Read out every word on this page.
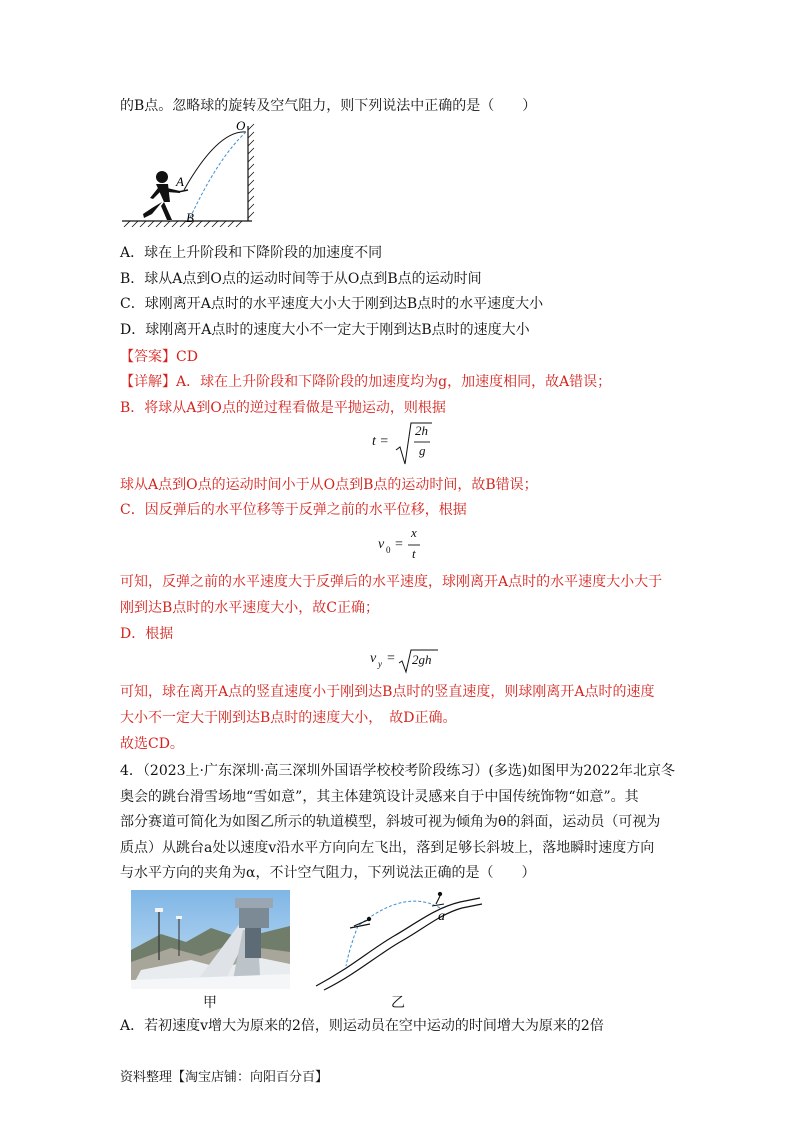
的B点。忽略球的旋转及空气阻力，则下列说法中正确的是（　　）
O
A
B
A．球在上升阶段和下降阶段的加速度不同
B．球从A点到O点的运动时间等于从O点到B点的运动时间
C．球刚离开A点时的水平速度大小大于刚到达B点时的水平速度大小
D．球刚离开A点时的速度大小不一定大于刚到达B点时的速度大小
【答案】CD
【详解】A．球在上升阶段和下降阶段的加速度均为g，加速度相同，故A错误；
B．将球从A到O点的逆过程看做是平抛运动，则根据
t =
2h
g
球从A点到O点的运动时间小于从O点到B点的运动时间，故B错误；
C．因反弹后的水平位移等于反弹之前的水平位移，根据
v 0 =
x
t
可知，反弹之前的水平速度大于反弹后的水平速度，球刚离开A点时的水平速度大小大于
刚到达B点时的水平速度大小，故C正确；
D．根据
v y = 2gh
可知，球在离开A点的竖直速度小于刚到达B点时的竖直速度，则球刚离开A点时的速度
大小不一定大于刚到达B点时的速度大小，　故D正确。
故选CD。
4．（2023上·广东深圳·高三深圳外国语学校校考阶段练习）(多选)如图甲为2022年北京冬
奥会的跳台滑雪场地“雪如意”，其主体建筑设计灵感来自于中国传统饰物“如意”。其
部分赛道可简化为如图乙所示的轨道模型，斜坡可视为倾角为θ的斜面，运动员（可视为
质点）从跳台a处以速度v沿水平方向向左飞出，落到足够长斜坡上，落地瞬时速度方向
与水平方向的夹角为α，不计空气阻力，下列说法正确的是（　　）
甲
a
乙
A．若初速度v增大为原来的2倍，则运动员在空中运动的时间增大为原来的2倍
资料整理【淘宝店铺：向阳百分百】
